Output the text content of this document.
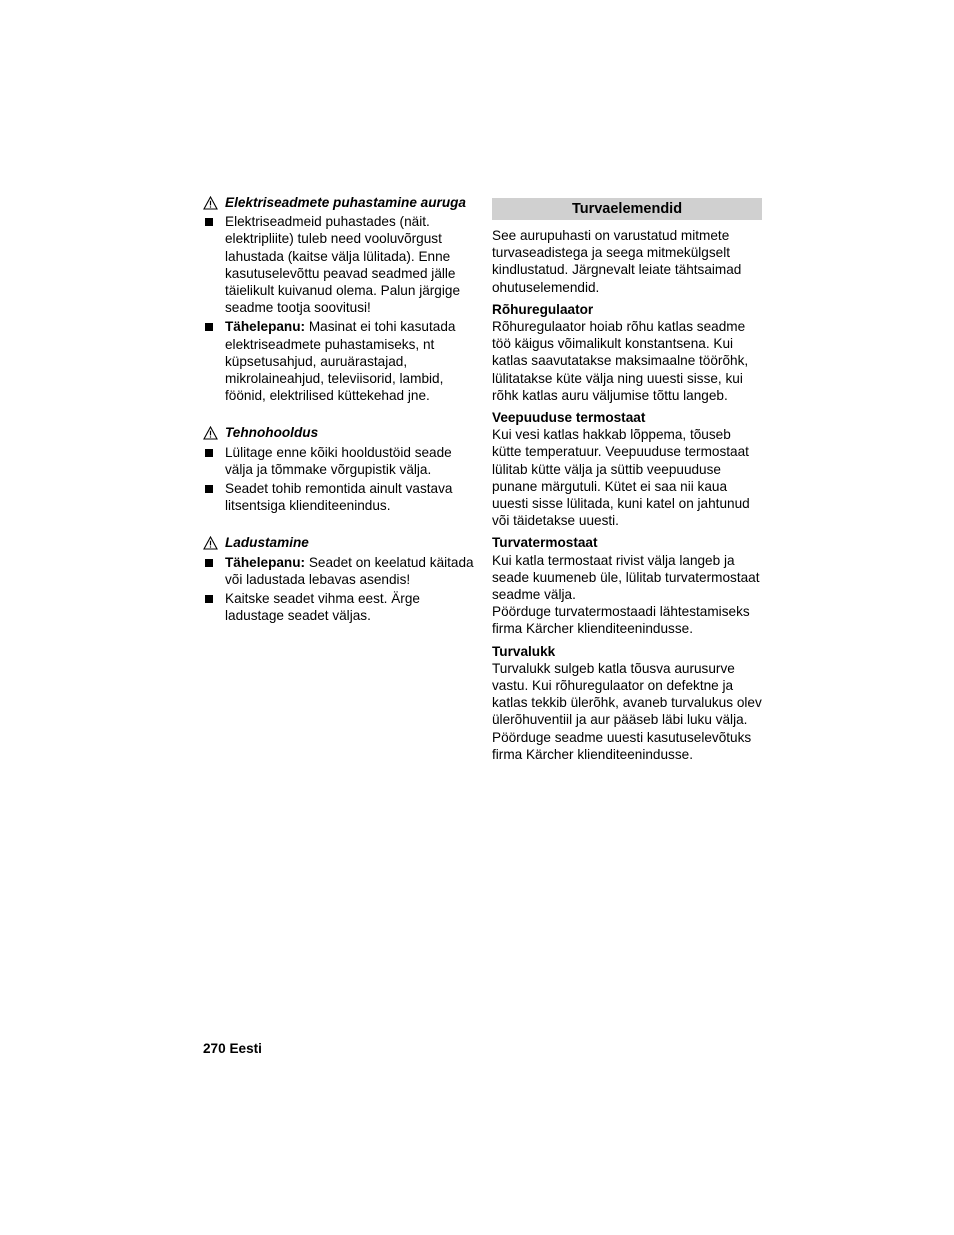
Elektriseadmete puhastamine auruga
Elektriseadmeid puhastades (näit. elektripliite) tuleb need vooluvõrgust lahustada (kaitse välja lülitada). Enne kasutuselevõttu peavad seadmed jälle täielikult kuivanud olema. Palun järgige seadme tootja soovitusi!
Tähelepanu: Masinat ei tohi kasutada elektriseadmete puhastamiseks, nt küpsetusahjud, auruärastajad, mikrolaineahjud, televiisorid, lambid, föönid, elektrilised küttekehad jne.
Tehnohooldus
Lülitage enne kõiki hooldustöid seade välja ja tõmmake võrgupistik välja.
Seadet tohib remontida ainult vastava litsentsiga klienditeenindus.
Ladustamine
Tähelepanu: Seadet on keelatud käitada või ladustada lebavas asendis!
Kaitske seadet vihma eest. Ärge ladustage seadet väljas.
Turvaelemendid

See aurupuhasti on varustatud mitmete turvaseadistega ja seega mitmekülgselt kindlustatud. Järgnevalt leiate tähtsaimad ohutuselemendid.

Rõhuregulaator

Rõhuregulaator hoiab rõhu katlas seadme töö käigus võimalikult konstantsena. Kui katlas saavutatakse maksimaalne töörõhk, lülitatakse küte välja ning uuesti sisse, kui rõhk katlas auru väljumise tõttu langeb.

Veepuuduse termostaat

Kui vesi katlas hakkab lõppema, tõuseb kütte temperatuur. Veepuuduse termostaat lülitab kütte välja ja süttib veepuuduse punane märgutuli. Kütet ei saa nii kaua uuesti sisse lülitada, kuni katel on jahtunud või täidetakse uuesti.

Turvatermostaat

Kui katla termostaat rivist välja langeb ja seade kuumeneb üle, lülitab turvatermostaat seadme välja.

Pöörduge turvatermostaadi lähtestamiseks firma Kärcher klienditeenindusse.

Turvalukk

Turvalukk sulgeb katla tõusva aurusurve vastu. Kui rõhuregulaator on defektne ja katlas tekkib ülerõhk, avaneb turvalukus olev ülerõhuventiil ja aur pääseb läbi luku välja.

Pöörduge seadme uuesti kasutuselevõtuks firma Kärcher klienditeenindusse.

270 Eesti
